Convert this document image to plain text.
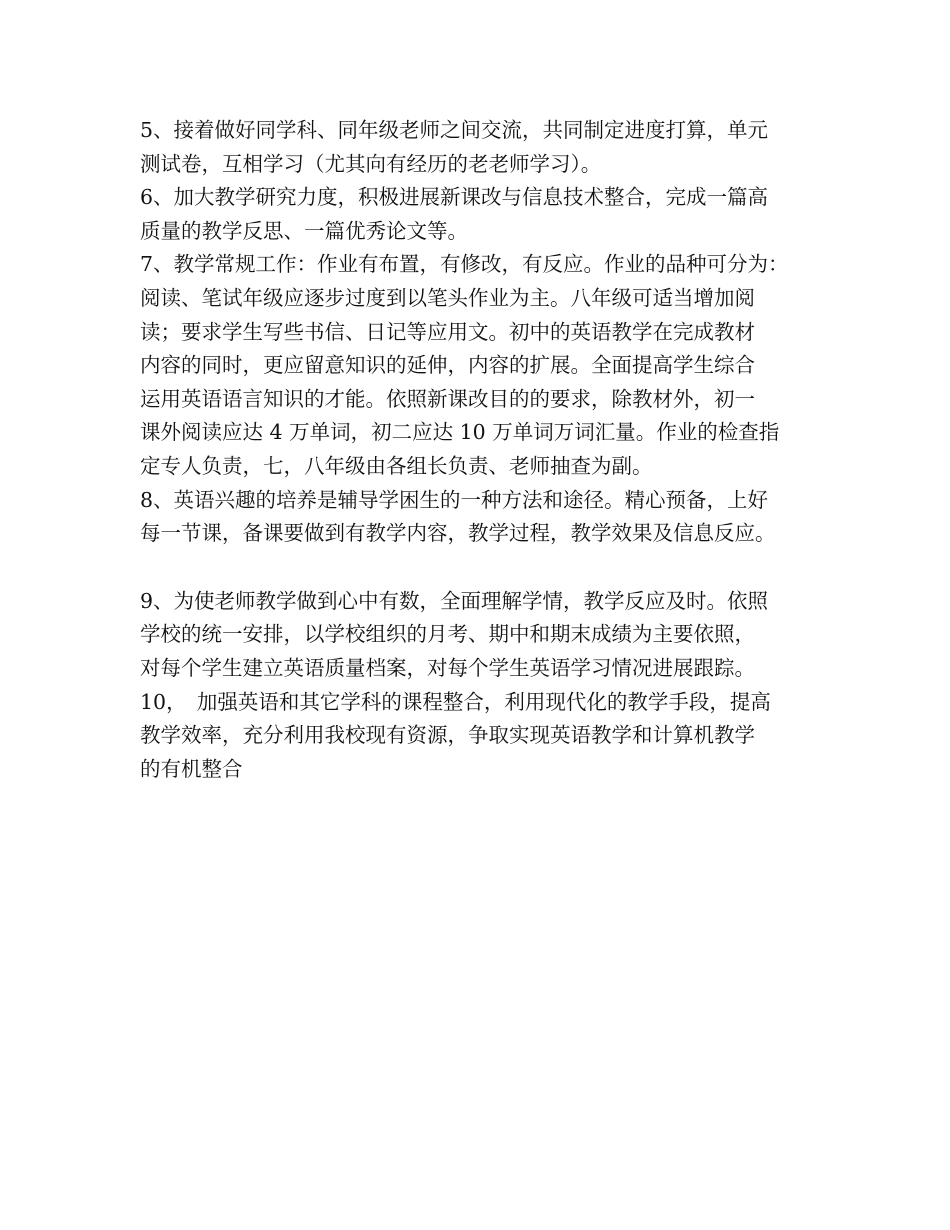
5、接着做好同学科、同年级老师之间交流，共同制定进度打算，单元
测试卷，互相学习（尤其向有经历的老老师学习）。
6、加大教学研究力度，积极进展新课改与信息技术整合，完成一篇高
质量的教学反思、一篇优秀论文等。
7、教学常规工作：作业有布置，有修改，有反应。作业的品种可分为：
阅读、笔试年级应逐步过度到以笔头作业为主。八年级可适当增加阅
读；要求学生写些书信、日记等应用文。初中的英语教学在完成教材
内容的同时，更应留意知识的延伸，内容的扩展。全面提高学生综合
运用英语语言知识的才能。依照新课改目的的要求，除教材外，初一
课外阅读应达 4 万单词，初二应达 10 万单词万词汇量。作业的检查指
定专人负责，七，八年级由各组长负责、老师抽查为副。
8、英语兴趣的培养是辅导学困生的一种方法和途径。精心预备，上好
每一节课，备课要做到有教学内容，教学过程，教学效果及信息反应。
9、为使老师教学做到心中有数，全面理解学情，教学反应及时。依照
学校的统一安排，以学校组织的月考、期中和期末成绩为主要依照，
对每个学生建立英语质量档案，对每个学生英语学习情况进展跟踪。
10，　加强英语和其它学科的课程整合，利用现代化的教学手段，提高
教学效率，充分利用我校现有资源，争取实现英语教学和计算机教学
的有机整合
